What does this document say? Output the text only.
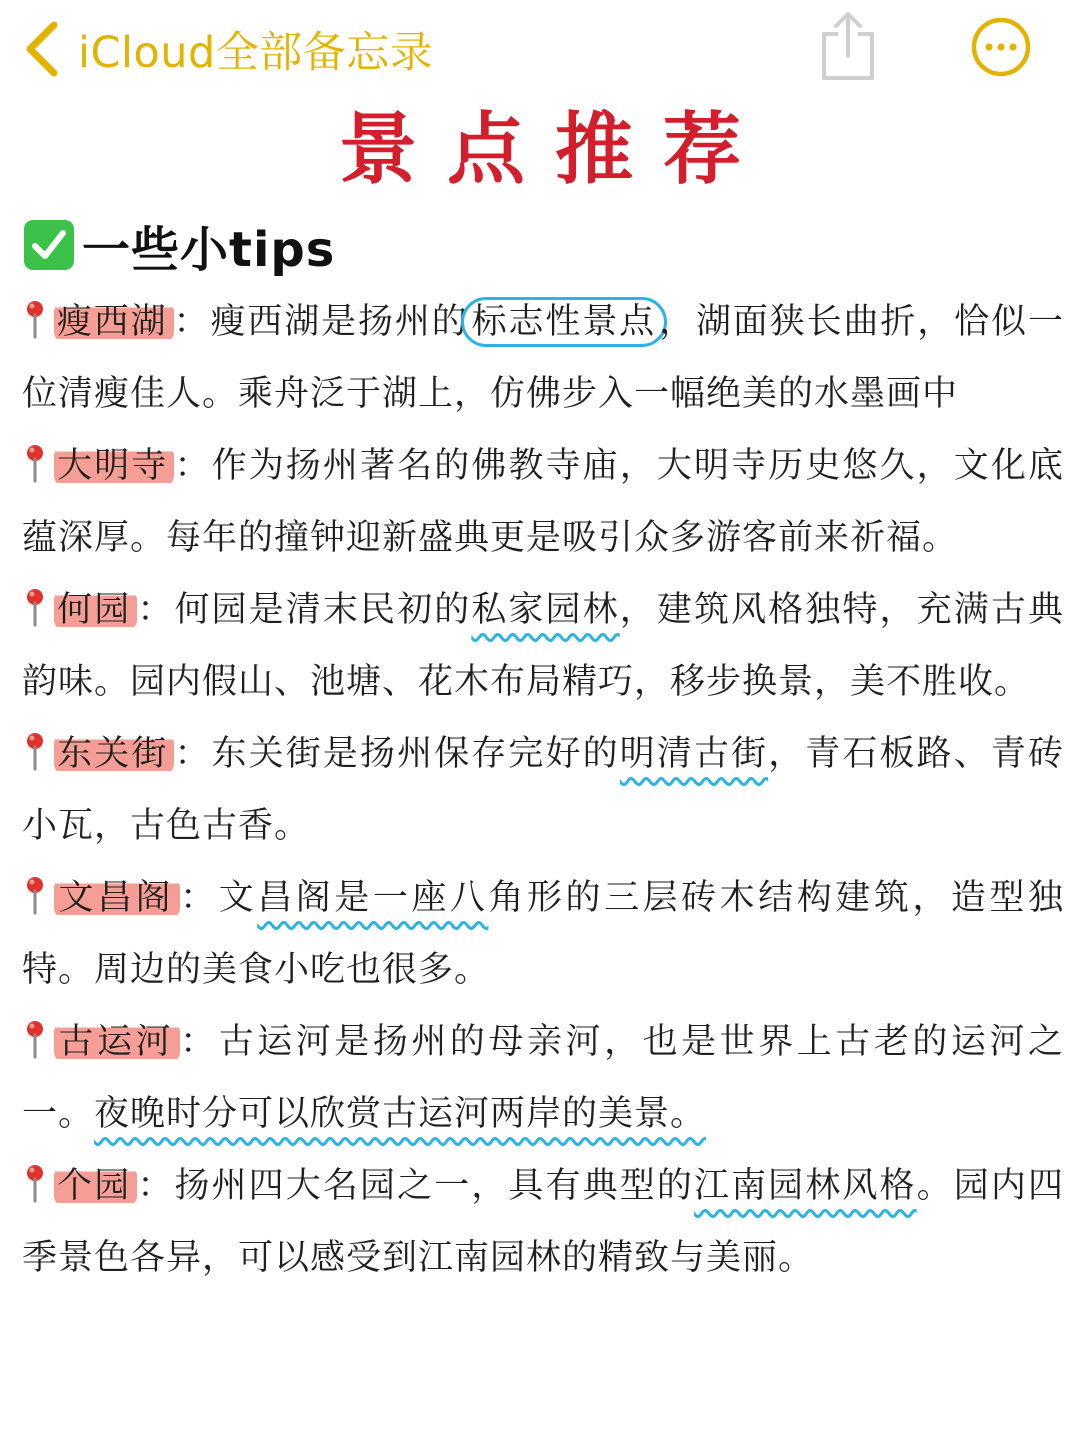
iCloud全部备忘录
景点推荐
一些小tips

瘦西湖 ：瘦西湖是扬州的标志性景点，湖面狭长曲折，恰似一位清瘦佳人。乘舟泛于湖上，仿佛步入一幅绝美的水墨画中

大明寺 ：作为扬州著名的佛教寺庙，大明寺历史悠久，文化底蕴深厚。每年的撞钟迎新盛典更是吸引众多游客前来祈福。

何园 ：何园是清末民初的私家园林，建筑风格独特，充满古典韵味。园内假山、池塘、花木布局精巧，移步换景，美不胜收。

东关街 ：东关街是扬州保存完好的明清古街，青石板路、青砖小瓦，古色古香。

文昌阁 ：文昌阁是一座八角形的三层砖木结构建筑，造型独特。周边的美食小吃也很多。

古运河 ：古运河是扬州的母亲河，也是世界上古老的运河之一。夜晚时分可以欣赏古运河两岸的美景。

个园 ：扬州四大名园之一，具有典型的江南园林风格。园内四季景色各异，可以感受到江南园林的精致与美丽。
